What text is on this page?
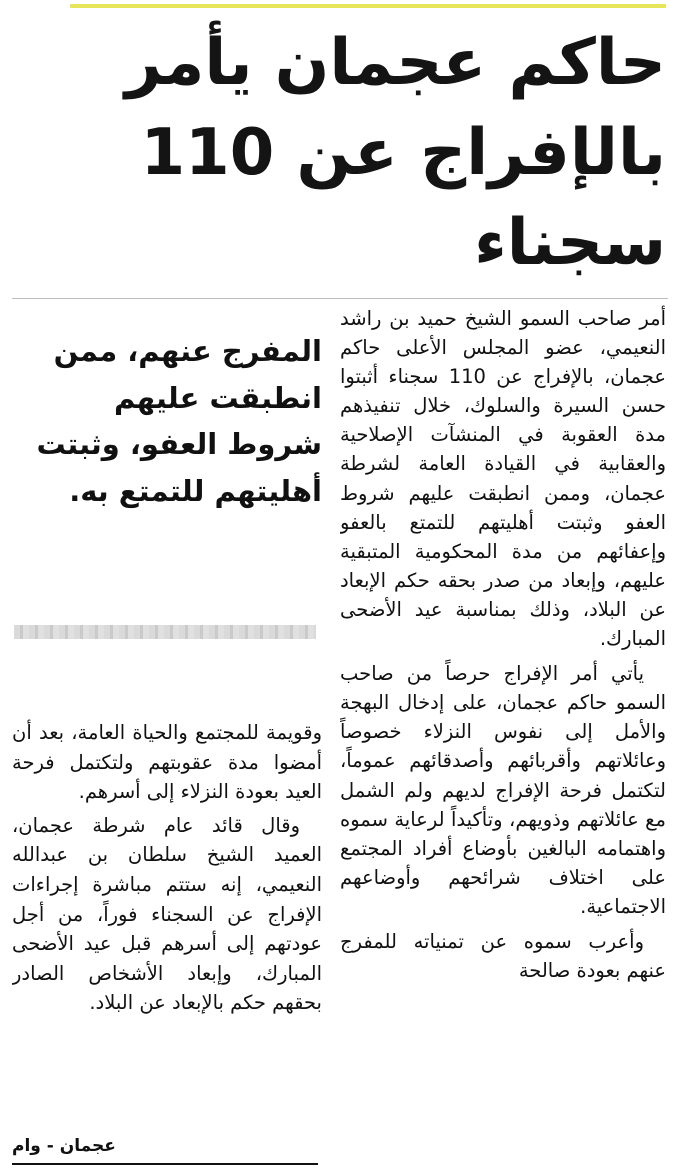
حاكم عجمان يأمر بالإفراج عن 110 سجناء

أمر صاحب السمو الشيخ حميد بن راشد النعيمي، عضو المجلس الأعلى حاكم عجمان، بالإفراج عن 110 سجناء أثبتوا حسن السيرة والسلوك، خلال تنفيذهم مدة العقوبة في المنشآت الإصلاحية والعقابية في القيادة العامة لشرطة عجمان، وممن انطبقت عليهم شروط العفو وثبتت أهليتهم للتمتع بالعفو وإعفائهم من مدة المحكومية المتبقية عليهم، وإبعاد من صدر بحقه حكم الإبعاد عن البلاد، وذلك بمناسبة عيد الأضحى المبارك.

يأتي أمر الإفراج حرصاً من صاحب السمو حاكم عجمان، على إدخال البهجة والأمل إلى نفوس النزلاء خصوصاً وعائلاتهم وأقربائهم وأصدقائهم عموماً، لتكتمل فرحة الإفراج لديهم ولم الشمل مع عائلاتهم وذويهم، وتأكيداً لرعاية سموه واهتمامه البالغين بأوضاع أفراد المجتمع على اختلاف شرائحهم وأوضاعهم الاجتماعية.

وأعرب سموه عن تمنياته للمفرج عنهم بعودة صالحة

المفرج عنهم، ممن انطبقت عليهم شروط العفو، وثبتت أهليتهم للتمتع به.

وقويمة للمجتمع والحياة العامة، بعد أن أمضوا مدة عقوبتهم ولتكتمل فرحة العيد بعودة النزلاء إلى أسرهم.

وقال قائد عام شرطة عجمان، العميد الشيخ سلطان بن عبدالله النعيمي، إنه ستتم مباشرة إجراءات الإفراج عن السجناء فوراً، من أجل عودتهم إلى أسرهم قبل عيد الأضحى المبارك، وإبعاد الأشخاص الصادر بحقهم حكم بالإبعاد عن البلاد.

عجمان - وام
